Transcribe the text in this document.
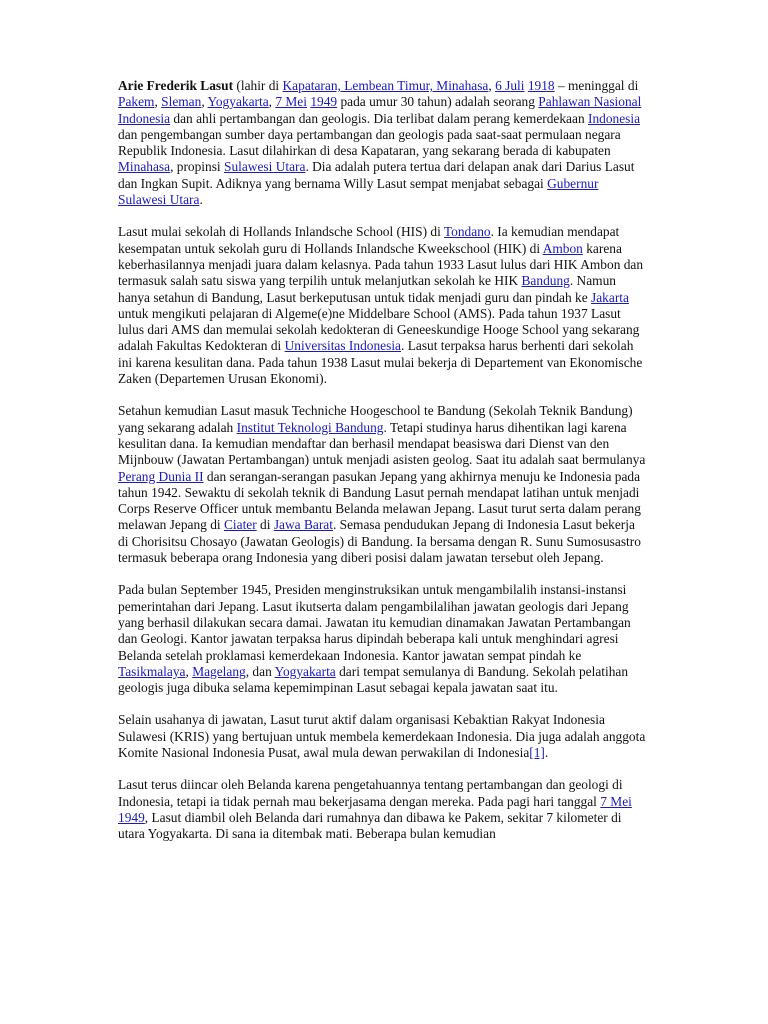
Arie Frederik Lasut (lahir di Kapataran, Lembean Timur, Minahasa, 6 Juli 1918 – meninggal di Pakem, Sleman, Yogyakarta, 7 Mei 1949 pada umur 30 tahun) adalah seorang Pahlawan Nasional Indonesia dan ahli pertambangan dan geologis. Dia terlibat dalam perang kemerdekaan Indonesia dan pengembangan sumber daya pertambangan dan geologis pada saat-saat permulaan negara Republik Indonesia. Lasut dilahirkan di desa Kapataran, yang sekarang berada di kabupaten Minahasa, propinsi Sulawesi Utara. Dia adalah putera tertua dari delapan anak dari Darius Lasut dan Ingkan Supit. Adiknya yang bernama Willy Lasut sempat menjabat sebagai Gubernur Sulawesi Utara.

Lasut mulai sekolah di Hollands Inlandsche School (HIS) di Tondano. Ia kemudian mendapat kesempatan untuk sekolah guru di Hollands Inlandsche Kweekschool (HIK) di Ambon karena keberhasilannya menjadi juara dalam kelasnya. Pada tahun 1933 Lasut lulus dari HIK Ambon dan termasuk salah satu siswa yang terpilih untuk melanjutkan sekolah ke HIK Bandung. Namun hanya setahun di Bandung, Lasut berkeputusan untuk tidak menjadi guru dan pindah ke Jakarta untuk mengikuti pelajaran di Algeme(e)ne Middelbare School (AMS). Pada tahun 1937 Lasut lulus dari AMS dan memulai sekolah kedokteran di Geneeskundige Hooge School yang sekarang adalah Fakultas Kedokteran di Universitas Indonesia. Lasut terpaksa harus berhenti dari sekolah ini karena kesulitan dana. Pada tahun 1938 Lasut mulai bekerja di Departement van Ekonomische Zaken (Departemen Urusan Ekonomi).

Setahun kemudian Lasut masuk Techniche Hoogeschool te Bandung (Sekolah Teknik Bandung) yang sekarang adalah Institut Teknologi Bandung. Tetapi studinya harus dihentikan lagi karena kesulitan dana. Ia kemudian mendaftar dan berhasil mendapat beasiswa dari Dienst van den Mijnbouw (Jawatan Pertambangan) untuk menjadi asisten geolog. Saat itu adalah saat bermulanya Perang Dunia II dan serangan-serangan pasukan Jepang yang akhirnya menuju ke Indonesia pada tahun 1942. Sewaktu di sekolah teknik di Bandung Lasut pernah mendapat latihan untuk menjadi Corps Reserve Officer untuk membantu Belanda melawan Jepang. Lasut turut serta dalam perang melawan Jepang di Ciater di Jawa Barat. Semasa pendudukan Jepang di Indonesia Lasut bekerja di Chorisitsu Chosayo (Jawatan Geologis) di Bandung. Ia bersama dengan R. Sunu Sumosusastro termasuk beberapa orang Indonesia yang diberi posisi dalam jawatan tersebut oleh Jepang.

Pada bulan September 1945, Presiden menginstruksikan untuk mengambilalih instansi-instansi pemerintahan dari Jepang. Lasut ikutserta dalam pengambilalihan jawatan geologis dari Jepang yang berhasil dilakukan secara damai. Jawatan itu kemudian dinamakan Jawatan Pertambangan dan Geologi. Kantor jawatan terpaksa harus dipindah beberapa kali untuk menghindari agresi Belanda setelah proklamasi kemerdekaan Indonesia. Kantor jawatan sempat pindah ke Tasikmalaya, Magelang, dan Yogyakarta dari tempat semulanya di Bandung. Sekolah pelatihan geologis juga dibuka selama kepemimpinan Lasut sebagai kepala jawatan saat itu.

Selain usahanya di jawatan, Lasut turut aktif dalam organisasi Kebaktian Rakyat Indonesia Sulawesi (KRIS) yang bertujuan untuk membela kemerdekaan Indonesia. Dia juga adalah anggota Komite Nasional Indonesia Pusat, awal mula dewan perwakilan di Indonesia[1].

Lasut terus diincar oleh Belanda karena pengetahuannya tentang pertambangan dan geologi di Indonesia, tetapi ia tidak pernah mau bekerjasama dengan mereka. Pada pagi hari tanggal 7 Mei 1949, Lasut diambil oleh Belanda dari rumahnya dan dibawa ke Pakem, sekitar 7 kilometer di utara Yogyakarta. Di sana ia ditembak mati. Beberapa bulan kemudian
